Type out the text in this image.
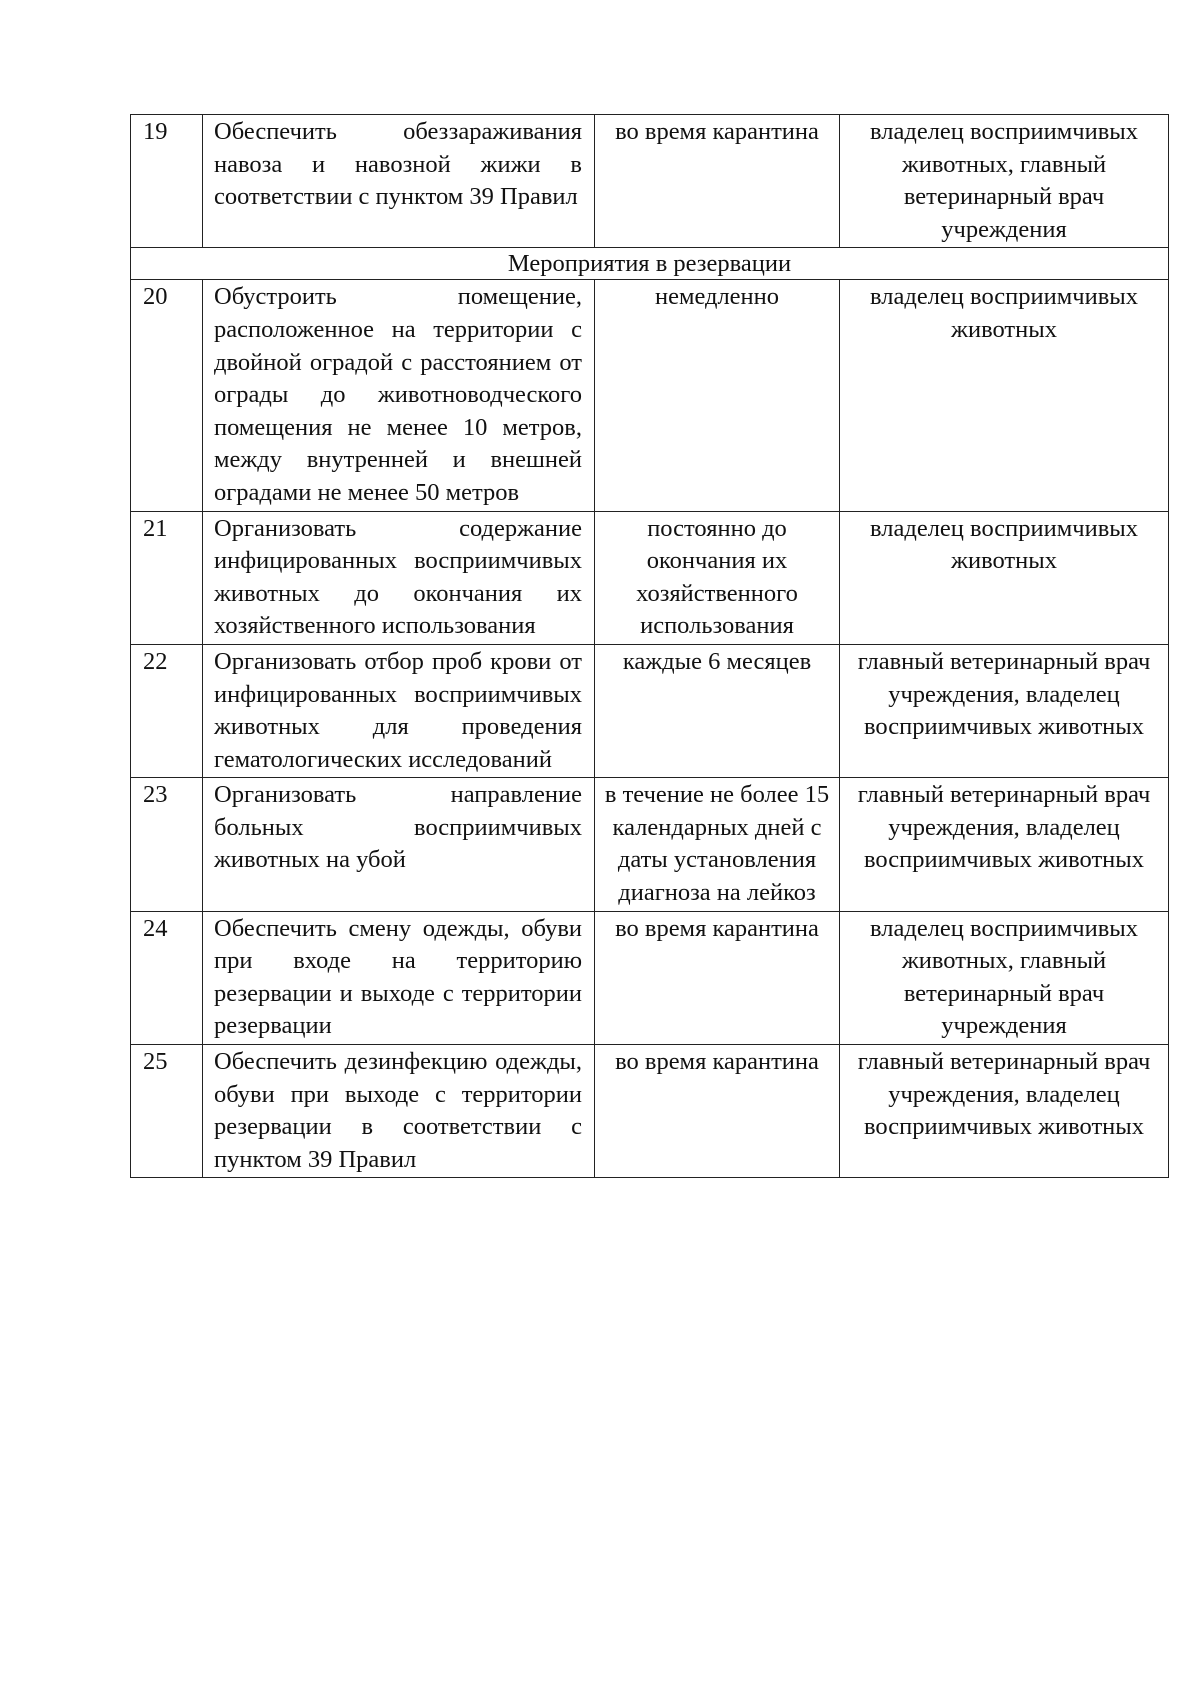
19	Обеспечить обеззараживания навоза и навозной жижи в соответствии с пунктом 39 Правил	во время карантина	владелец восприимчивых животных, главный ветеринарный врач учреждения
Мероприятия в резервации			
20	Обустроить помещение, расположенное на территории с двойной оградой с расстоянием от ограды до животноводческого помещения не менее 10 метров, между внутренней и внешней оградами не менее 50 метров	немедленно	владелец восприимчивых животных
21	Организовать содержание инфицированных восприимчивых животных до окончания их хозяйственного использования	постоянно до окончания их хозяйственного использования	владелец восприимчивых животных
22	Организовать отбор проб крови от инфицированных восприимчивых животных для проведения гематологических исследований	каждые 6 месяцев	главный ветеринарный врач учреждения, владелец восприимчивых животных
23	Организовать направление больных восприимчивых животных на убой	в течение не более 15 календарных дней с даты установления диагноза на лейкоз	главный ветеринарный врач учреждения, владелец восприимчивых животных
24	Обеспечить смену одежды, обуви при входе на территорию резервации и выходе с территории резервации	во время карантина	владелец восприимчивых животных, главный ветеринарный врач учреждения
25	Обеспечить дезинфекцию одежды, обуви при выходе с территории резервации в соответствии с пунктом 39 Правил	во время карантина	главный ветеринарный врач учреждения, владелец восприимчивых животных
